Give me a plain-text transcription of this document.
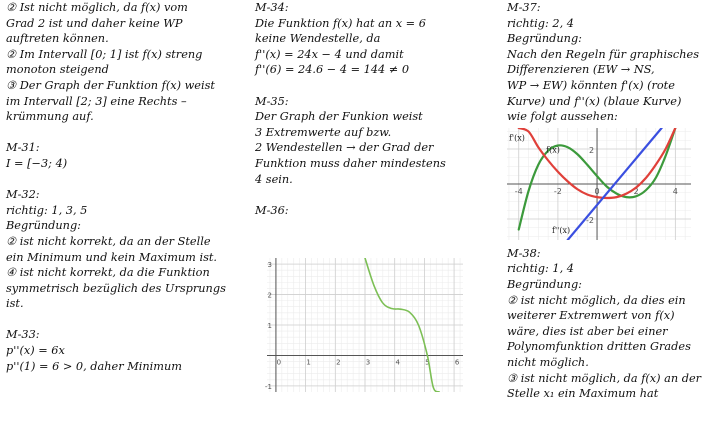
② Ist nicht möglich, da f(x) vom
Grad 2 ist und daher keine WP
auftreten können.
② Im Intervall [0; 1] ist f(x) streng
monoton steigend
③ Der Graph der Funktion f(x) weist
im Intervall [2; 3] eine Rechts –
krümmung auf.
M-31:
I = [−3; 4)
M-32:
richtig: 1, 3, 5
Begründung:
② ist nicht korrekt, da an der Stelle
ein Minimum und kein Maximum ist.
④ ist nicht korrekt, da die Funktion
symmetrisch bezüglich des Ursprungs
ist.
M-33:
p''(x) = 6x
p''(1) = 6 > 0, daher Minimum
M-34:
Die Funktion f(x) hat an x = 6
keine Wendestelle, da
f''(x) = 24x − 4 und damit
f''(6) = 24.6 − 4 = 144 ≠ 0
M-35:
Der Graph der Funkion weist
3 Extremwerte auf bzw.
2 Wendestellen → der Grad der
Funktion muss daher mindestens
4 sein.
M-36:
M-37:
richtig: 2, 4
Begründung:
Nach den Regeln für graphisches
Differenzieren (EW → NS,
WP → EW) könnten f'(x) (rote
Kurve) und f''(x) (blaue Kurve)
wie folgt aussehen:
-4	-2	0	2	4
-2
2
f'(x)
f(x)
f''(x)
M-38:
richtig: 1, 4
Begründung:
② ist nicht möglich, da dies ein
weiterer Extremwert von f(x)
wäre, dies ist aber bei einer
Polynomfunktion dritten Grades
nicht möglich.
③ ist nicht möglich, da f(x) an der
Stelle x₁ ein Maximum hat
0	1	2	3	4	5	6
-1
1
2
3
